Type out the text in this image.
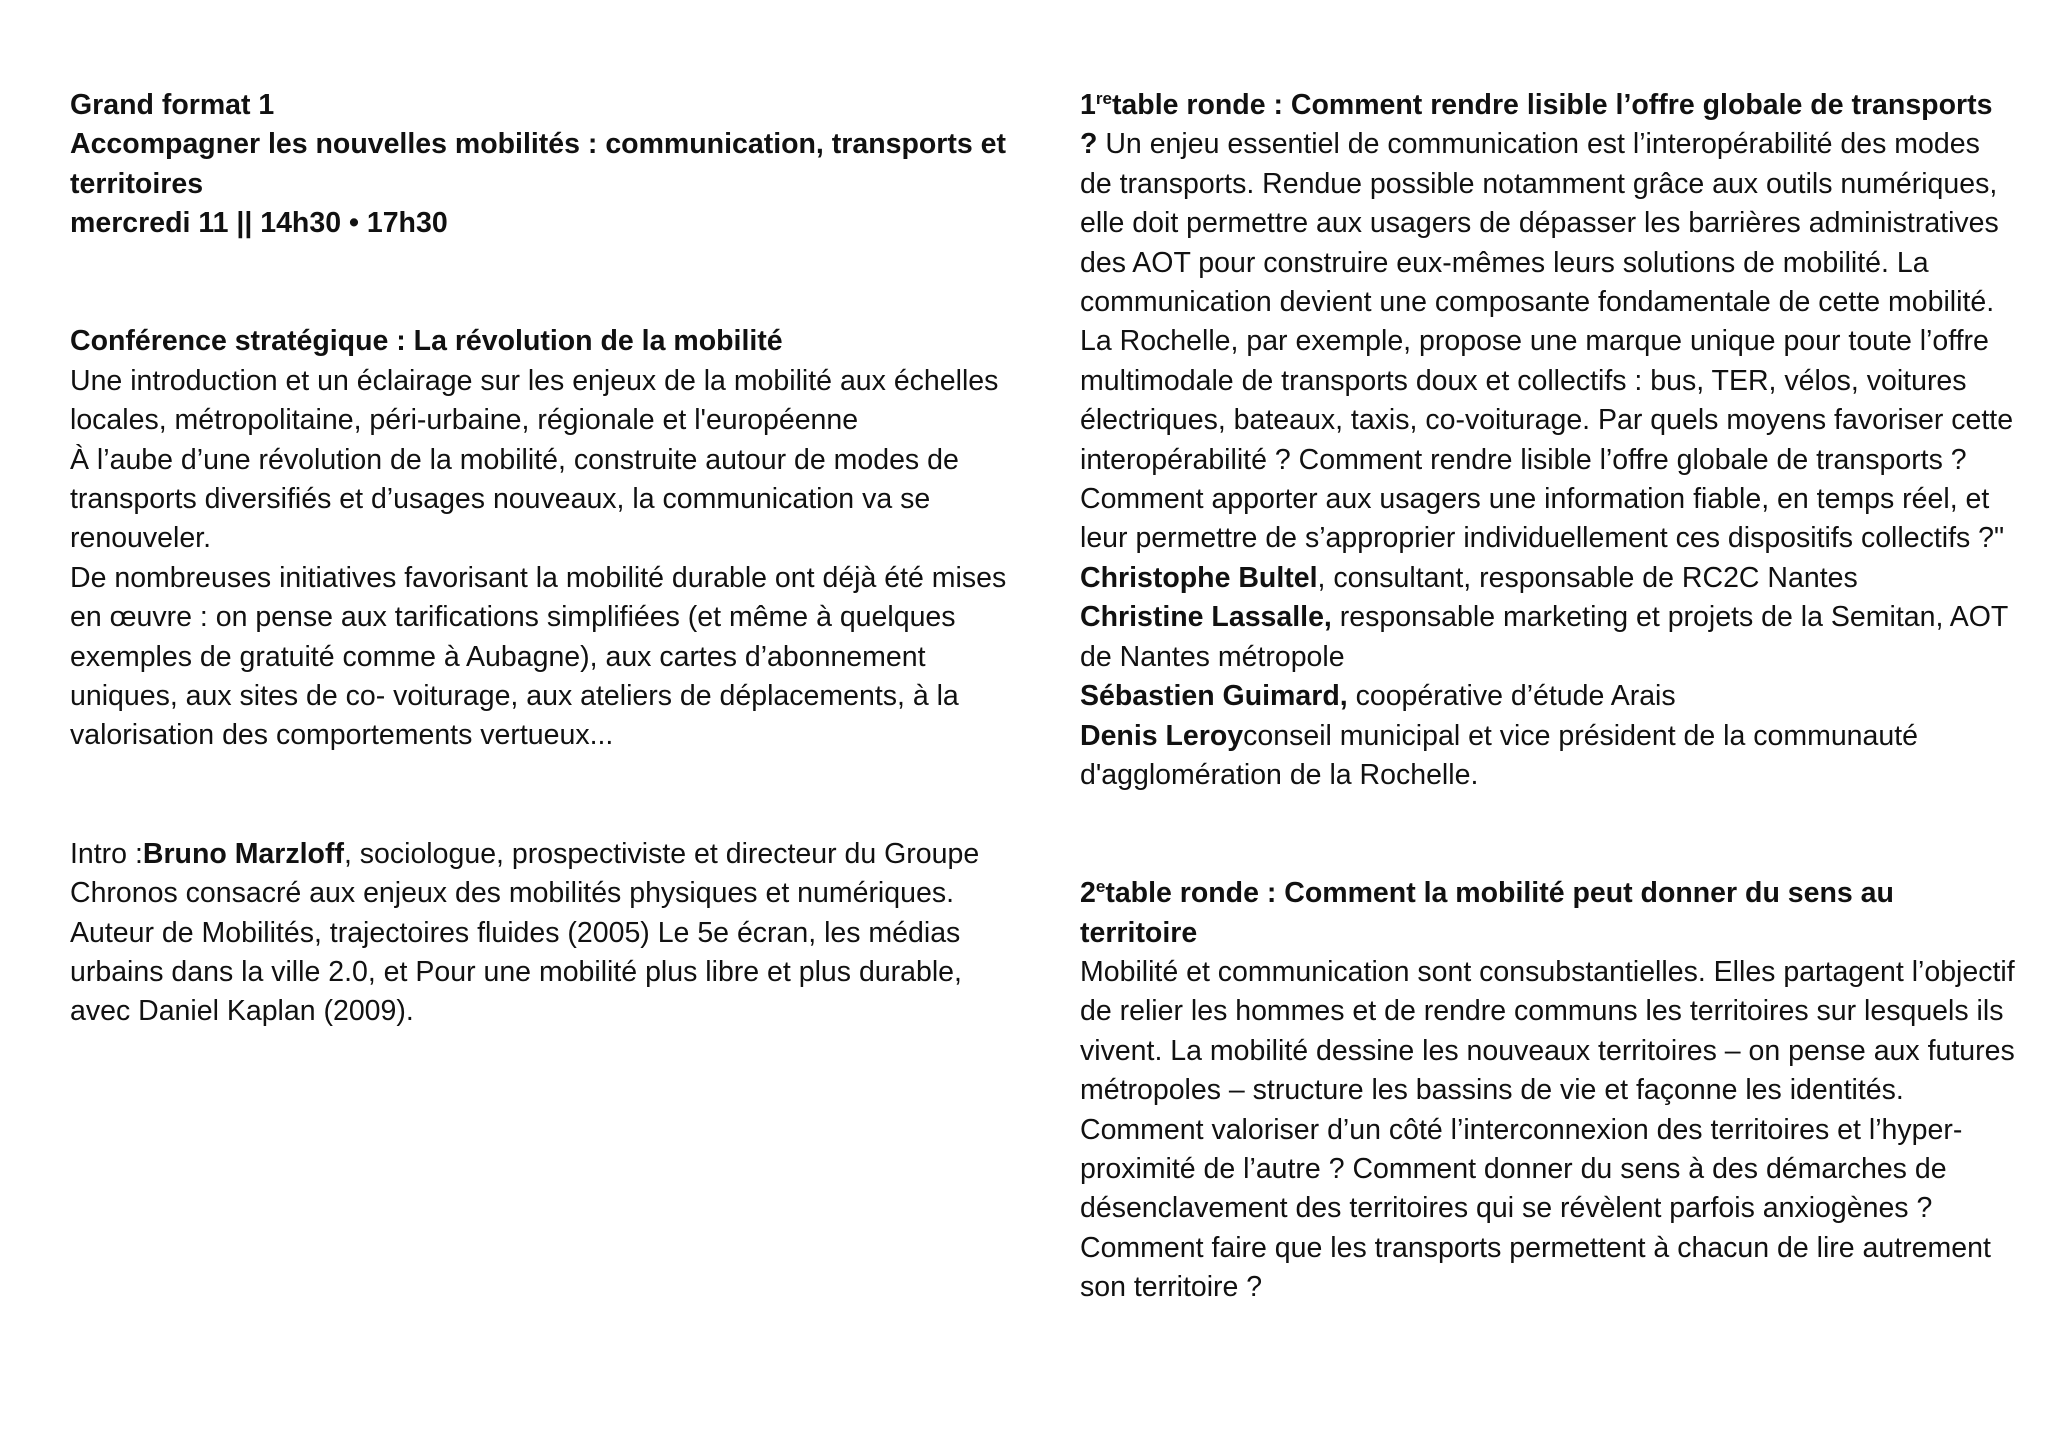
Grand format 1
Accompagner les nouvelles mobilités : communication, transports et
territoires
mercredi 11 || 14h30 • 17h30
Conférence stratégique : La révolution de la mobilité
Une introduction et un éclairage sur les enjeux de la mobilité aux échelles
locales, métropolitaine, péri-urbaine, régionale et l'européenne
À l’aube d’une révolution de la mobilité, construite autour de modes de
transports diversifiés et d’usages nouveaux, la communication va se
renouveler.
De nombreuses initiatives favorisant la mobilité durable ont déjà été mises
en œuvre : on pense aux tarifications simplifiées (et même à quelques
exemples de gratuité comme à Aubagne), aux cartes d’abonnement
uniques, aux sites de co- voiturage, aux ateliers de déplacements, à la
valorisation des comportements vertueux...
Intro :Bruno Marzloff, sociologue, prospectiviste et directeur du Groupe
Chronos consacré aux enjeux des mobilités physiques et numériques.
Auteur de Mobilités, trajectoires fluides (2005) Le 5e écran, les médias
urbains dans la ville 2.0, et Pour une mobilité plus libre et plus durable,
avec Daniel Kaplan (2009).
1retable ronde : Comment rendre lisible l’offre globale de transports
? Un enjeu essentiel de communication est l’interopérabilité des modes
de transports. Rendue possible notamment grâce aux outils numériques,
elle doit permettre aux usagers de dépasser les barrières administratives
des AOT pour construire eux-mêmes leurs solutions de mobilité. La
communication devient une composante fondamentale de cette mobilité.
La Rochelle, par exemple, propose une marque unique pour toute l’offre
multimodale de transports doux et collectifs : bus, TER, vélos, voitures
électriques, bateaux, taxis, co-voiturage. Par quels moyens favoriser cette
interopérabilité ? Comment rendre lisible l’offre globale de transports ?
Comment apporter aux usagers une information fiable, en temps réel, et
leur permettre de s’approprier individuellement ces dispositifs collectifs ?"
Christophe Bultel, consultant, responsable de RC2C Nantes
Christine Lassalle, responsable marketing et projets de la Semitan, AOT
de Nantes métropole
Sébastien Guimard, coopérative d’étude Arais
Denis Leroyconseil municipal et vice président de la communauté
d'agglomération de la Rochelle.
2etable ronde : Comment la mobilité peut donner du sens au
territoire
Mobilité et communication sont consubstantielles. Elles partagent l’objectif
de relier les hommes et de rendre communs les territoires sur lesquels ils
vivent. La mobilité dessine les nouveaux territoires – on pense aux futures
métropoles – structure les bassins de vie et façonne les identités.
Comment valoriser d’un côté l’interconnexion des territoires et l’hyper-
proximité de l’autre ? Comment donner du sens à des démarches de
désenclavement des territoires qui se révèlent parfois anxiogènes ?
Comment faire que les transports permettent à chacun de lire autrement
son territoire ?
